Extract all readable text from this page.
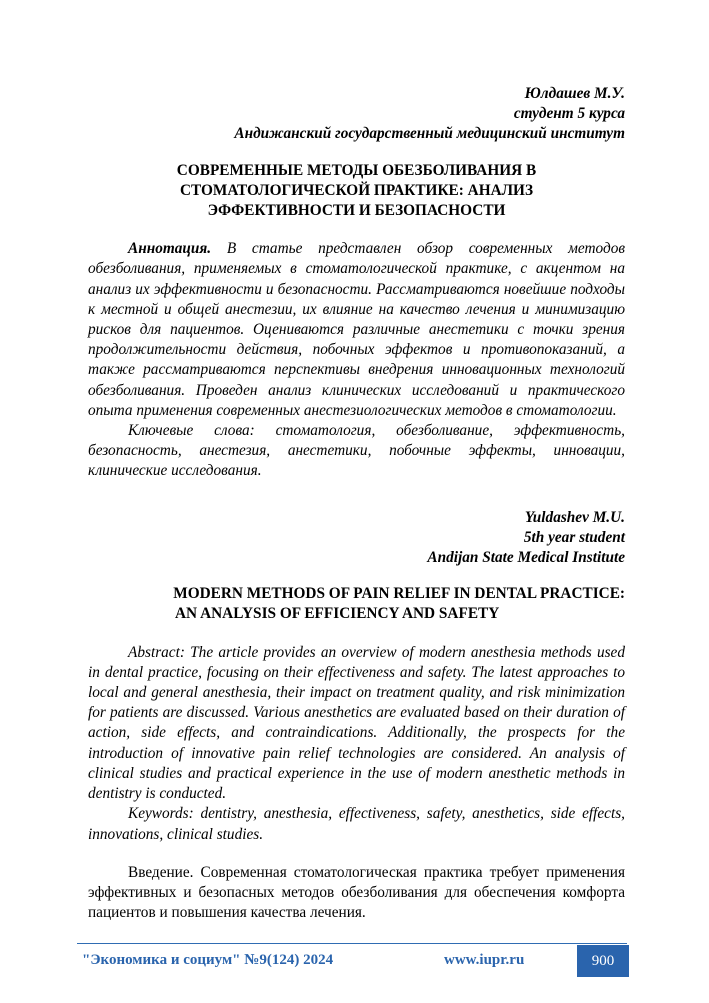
Юлдашев М.У.
студент 5 курса
Андижанский государственный медицинский институт
СОВРЕМЕННЫЕ МЕТОДЫ ОБЕЗБОЛИВАНИЯ В
СТОМАТОЛОГИЧЕСКОЙ ПРАКТИКЕ: АНАЛИЗ
ЭФФЕКТИВНОСТИ И БЕЗОПАСНОСТИ

Аннотация. В статье представлен обзор современных методов обезболивания, применяемых в стоматологической практике, с акцентом на анализ их эффективности и безопасности. Рассматриваются новейшие подходы к местной и общей анестезии, их влияние на качество лечения и минимизацию рисков для пациентов. Оцениваются различные анестетики с точки зрения продолжительности действия, побочных эффектов и противопоказаний, а также рассматриваются перспективы внедрения инновационных технологий обезболивания. Проведен анализ клинических исследований и практического опыта применения современных анестезиологических методов в стоматологии.

Ключевые слова: стоматология, обезболивание, эффективность, безопасность, анестезия, анестетики, побочные эффекты, инновации, клинические исследования.

Yuldashev M.U.
5th year student
Andijan State Medical Institute
MODERN METHODS OF PAIN RELIEF IN DENTAL PRACTICE:
AN ANALYSIS OF EFFICIENCY AND SAFETY

Abstract: The article provides an overview of modern anesthesia methods used in dental practice, focusing on their effectiveness and safety. The latest approaches to local and general anesthesia, their impact on treatment quality, and risk minimization for patients are discussed. Various anesthetics are evaluated based on their duration of action, side effects, and contraindications. Additionally, the prospects for the introduction of innovative pain relief technologies are considered. An analysis of clinical studies and practical experience in the use of modern anesthetic methods in dentistry is conducted.

Keywords: dentistry, anesthesia, effectiveness, safety, anesthetics, side effects, innovations, clinical studies.

Введение. Современная стоматологическая практика требует применения эффективных и безопасных методов обезболивания для обеспечения комфорта пациентов и повышения качества лечения.

"Экономика и социум" №9(124) 2024	www.iupr.ru	900
